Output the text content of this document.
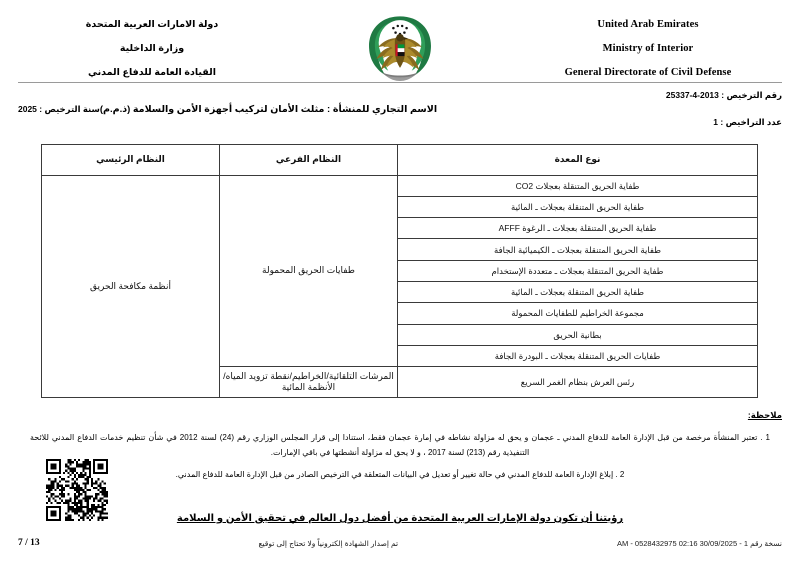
United Arab Emirates
Ministry of Interior
General Directorate of Civil Defense
دولة الامارات العربية المتحدة
وزارة الداخلية
القيادة العامة للدفاع المدني
رقم الترخيص : 2013-4-25337
سنة الترخيص : 2025 الاسم التجاري للمنشأة : مثلث الأمان لتركيب أجهزة الأمن والسلامة (ذ.م.م)
عدد التراخيص : 1
نوع المعدة	النظام الفرعي	النظام الرئيسي
طفاية الحريق المتنقلة بعجلات CO2	طفايات الحريق المحمولة	أنظمة مكافحة الحريق
طفاية الحريق المتنقلة بعجلات ـ المائية		
طفاية الحريق المتنقلة بعجلات ـ الرغوة AFFF		
طفاية الحريق المتنقلة بعجلات ـ الكيميائية الجافة		
طفاية الحريق المتنقلة بعجلات ـ متعددة الإستخدام		
طفاية الحريق المتنقلة بعجلات ـ المائية		
مجموعة الخراطيم للطفايات المحمولة		
بطانية الحريق		
طفايات الحريق المتنقلة بعجلات ـ البودرة الجافة		
رئس العرش بنظام الغمر السريع	المرشات التلقائية/الخراطيم/نقطة تزويد المياه/الأنظمة المائية	
ملاحظة:
1 . تعتبر المنشأة مرخصة من قبل الإدارة العامة للدفاع المدني ـ عجمان و يحق له مزاولة نشاطه في إمارة عجمان فقط، استنادا إلى قرار المجلس الوزاري رقم (24) لسنة 2012 في شأن تنظيم خدمات الدفاع المدني للائحة التنفيذية رقم (213) لسنة 2017 ، و لا يحق له مزاولة أنشطتها في باقي الإمارات.
2 . إبلاغ الإدارة العامة للدفاع المدني في حالة تغيير أو تعديل في البيانات المتعلقة في الترخيص الصادر من قبل الإدارة العامة للدفاع المدني.
رؤيتنا أن تكون دولة الإمارات العربية المتحدة من أفضل دول العالم في تحقيق الأمن و السلامة
نسخة رقم 1 - 30/09/2025 02:16 AM - 0528432975
تم إصدار الشهادة إلكترونياً ولا تحتاج إلى توقيع
7 / 13
